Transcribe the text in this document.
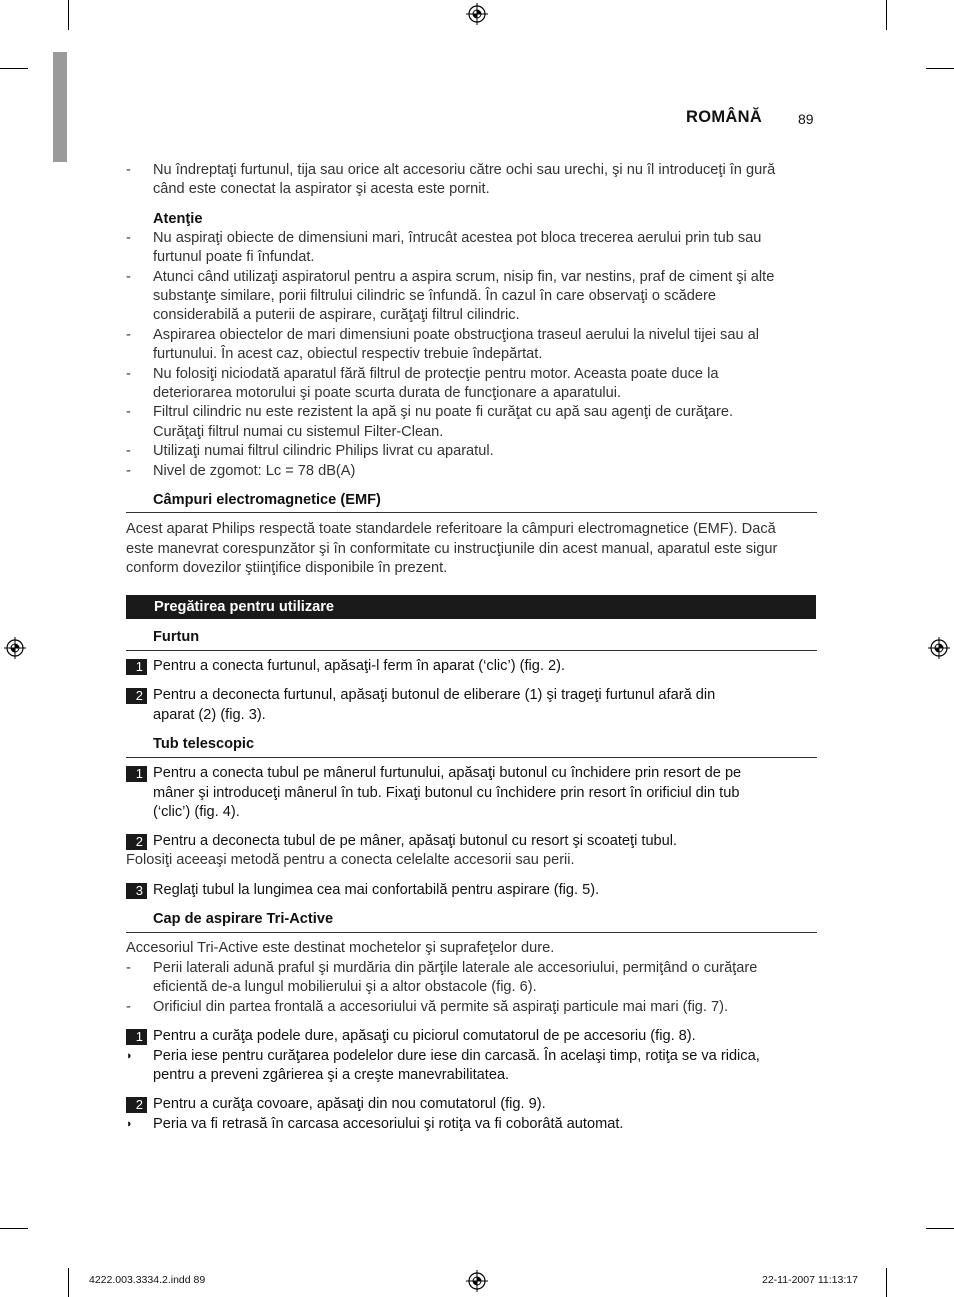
ROMÂNĂ	89
- Nu îndreptaţi furtunul, tija sau orice alt accesoriu către ochi sau urechi, şi nu îl introduceţi în gură
când este conectat la aspirator şi acesta este pornit.
Atenţie
- Nu aspiraţi obiecte de dimensiuni mari, întrucât acestea pot bloca trecerea aerului prin tub sau
furtunul poate fi înfundat.
- Atunci când utilizaţi aspiratorul pentru a aspira scrum, nisip fin, var nestins, praf de ciment şi alte
substanţe similare, porii filtrului cilindric se înfundă. În cazul în care observaţi o scădere
considerabilă a puterii de aspirare, curăţaţi filtrul cilindric.
- Aspirarea obiectelor de mari dimensiuni poate obstrucţiona traseul aerului la nivelul tijei sau al
furtunului. În acest caz, obiectul respectiv trebuie îndepărtat.
- Nu folosiţi niciodată aparatul fără filtrul de protecţie pentru motor. Aceasta poate duce la
deteriorarea motorului şi poate scurta durata de funcţionare a aparatului.
- Filtrul cilindric nu este rezistent la apă şi nu poate fi curăţat cu apă sau agenţi de curăţare.
Curăţaţi filtrul numai cu sistemul Filter-Clean.
- Utilizaţi numai filtrul cilindric Philips livrat cu aparatul.
- Nivel de zgomot: Lc = 78 dB(A)
Câmpuri electromagnetice (EMF)
Acest aparat Philips respectă toate standardele referitoare la câmpuri electromagnetice (EMF). Dacă
este manevrat corespunzător şi în conformitate cu instrucţiunile din acest manual, aparatul este sigur
conform dovezilor ştiinţifice disponibile în prezent.
Pregătirea pentru utilizare
Furtun
1 Pentru a conecta furtunul, apăsaţi-l ferm în aparat (‘clic’) (fig. 2).
2 Pentru a deconecta furtunul, apăsaţi butonul de eliberare (1) şi trageţi furtunul afară din
aparat (2) (fig. 3).
Tub telescopic
1 Pentru a conecta tubul pe mânerul furtunului, apăsaţi butonul cu închidere prin resort de pe
mâner şi introduceţi mânerul în tub. Fixaţi butonul cu închidere prin resort în orificiul din tub
(‘clic’) (fig. 4).
2 Pentru a deconecta tubul de pe mâner, apăsaţi butonul cu resort şi scoateţi tubul.
Folosiţi aceeaşi metodă pentru a conecta celelalte accesorii sau perii.
3 Reglaţi tubul la lungimea cea mai confortabilă pentru aspirare (fig. 5).
Cap de aspirare Tri-Active
Accesoriul Tri-Active este destinat mochetelor şi suprafeţelor dure.
- Perii laterali adună praful şi murdăria din părţile laterale ale accesoriului, permiţând o curăţare
eficientă de-a lungul mobilierului şi a altor obstacole (fig. 6).
- Orificiul din partea frontală a accesoriului vă permite să aspiraţi particule mai mari (fig. 7).
1 Pentru a curăţa podele dure, apăsaţi cu piciorul comutatorul de pe accesoriu (fig. 8).
◗ Peria iese pentru curăţarea podelelor dure iese din carcasă. În acelaşi timp, rotiţa se va ridica,
pentru a preveni zgârierea şi a creşte manevrabilitatea.
2 Pentru a curăţa covoare, apăsaţi din nou comutatorul (fig. 9).
◗ Peria va fi retrasă în carcasa accesoriului şi rotiţa va fi coborâtă automat.
4222.003.3334.2.indd 89	22-11-2007 11:13:17
